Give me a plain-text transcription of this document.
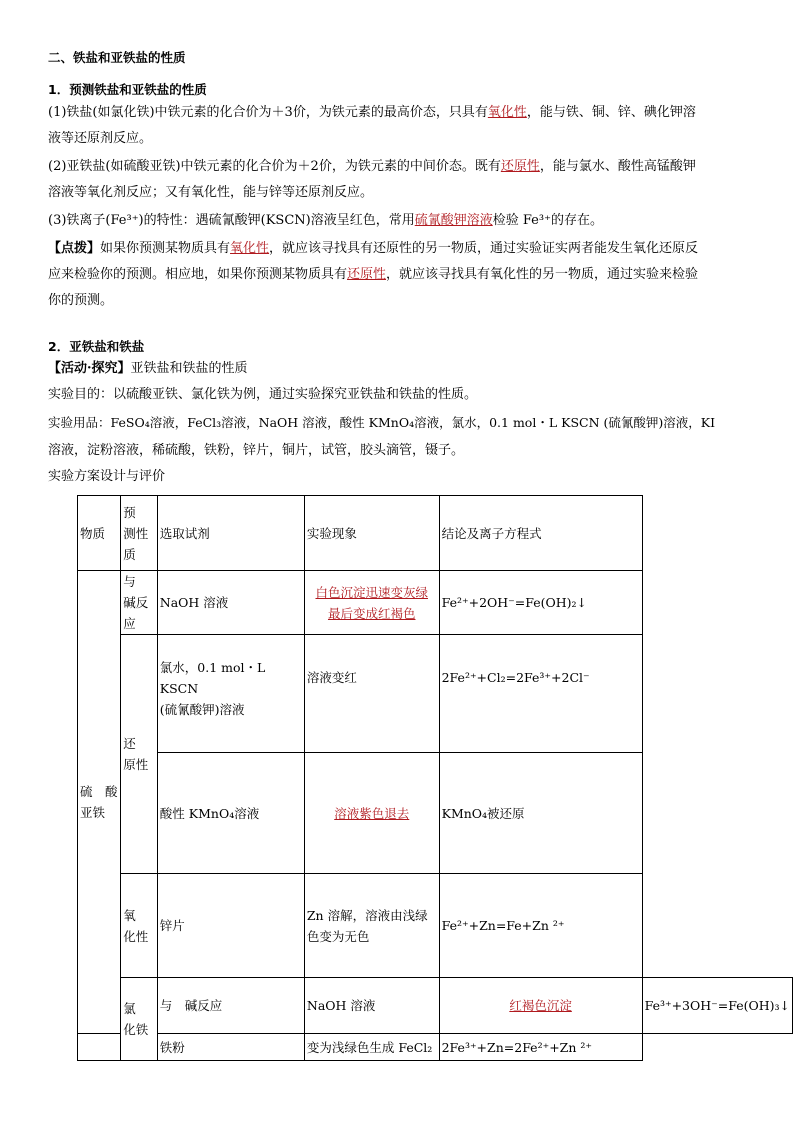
二、铁盐和亚铁盐的性质
1．预测铁盐和亚铁盐的性质
(1)铁盐(如氯化铁)中铁元素的化合价为＋3价，为铁元素的最高价态，只具有氧化性，能与铁、铜、锌、碘化钾溶
液等还原剂反应。
(2)亚铁盐(如硫酸亚铁)中铁元素的化合价为＋2价，为铁元素的中间价态。既有还原性，能与氯水、酸性高锰酸钾
溶液等氧化剂反应；又有氧化性，能与锌等还原剂反应。
(3)铁离子(Fe³⁺)的特性：遇硫氰酸钾(KSCN)溶液呈红色，常用硫氰酸钾溶液检验 Fe³⁺的存在。
【点拨】如果你预测某物质具有氧化性，就应该寻找具有还原性的另一物质，通过实验证实两者能发生氧化还原反
应来检验你的预测。相应地，如果你预测某物质具有还原性，就应该寻找具有氧化性的另一物质，通过实验来检验
你的预测。
2．亚铁盐和铁盐
【活动·探究】亚铁盐和铁盐的性质
实验目的：以硫酸亚铁、氯化铁为例，通过实验探究亚铁盐和铁盐的性质。
实验用品：FeSO₄溶液，FeCl₃溶液，NaOH 溶液，酸性 KMnO₄溶液，氯水，0.1 mol・L KSCN (硫氰酸钾)溶液，KI
溶液，淀粉溶液，稀硫酸，铁粉，锌片，铜片，试管，胶头滴管，镊子。
实验方案设计与评价
物质	预　测性质	选取试剂	实验现象	结论及离子方程式	
硫　酸亚铁	与　碱反应	NaOH 溶液	白色沉淀迅速变灰绿
最后变成红褐色	Fe²⁺+2OH⁻=Fe(OH)₂↓	
	还　原性	氯水，0.1 mol・L KSCN
(硫氰酸钾)溶液	溶液变红	2Fe²⁺+Cl₂=2Fe³⁺+2Cl⁻	
		酸性 KMnO₄溶液	溶液紫色退去	KMnO₄被还原	
	氧　化性	锌片	Zn 溶解，溶液由浅绿
色变为无色	Fe²⁺+Zn=Fe+Zn ²⁺	
	氯　化铁	与　碱反应	NaOH 溶液	红褐色沉淀	Fe³⁺+3OH⁻=Fe(OH)₃↓
		铁粉	变为浅绿色生成 FeCl₂	2Fe³⁺+Zn=2Fe²⁺+Zn ²⁺	
